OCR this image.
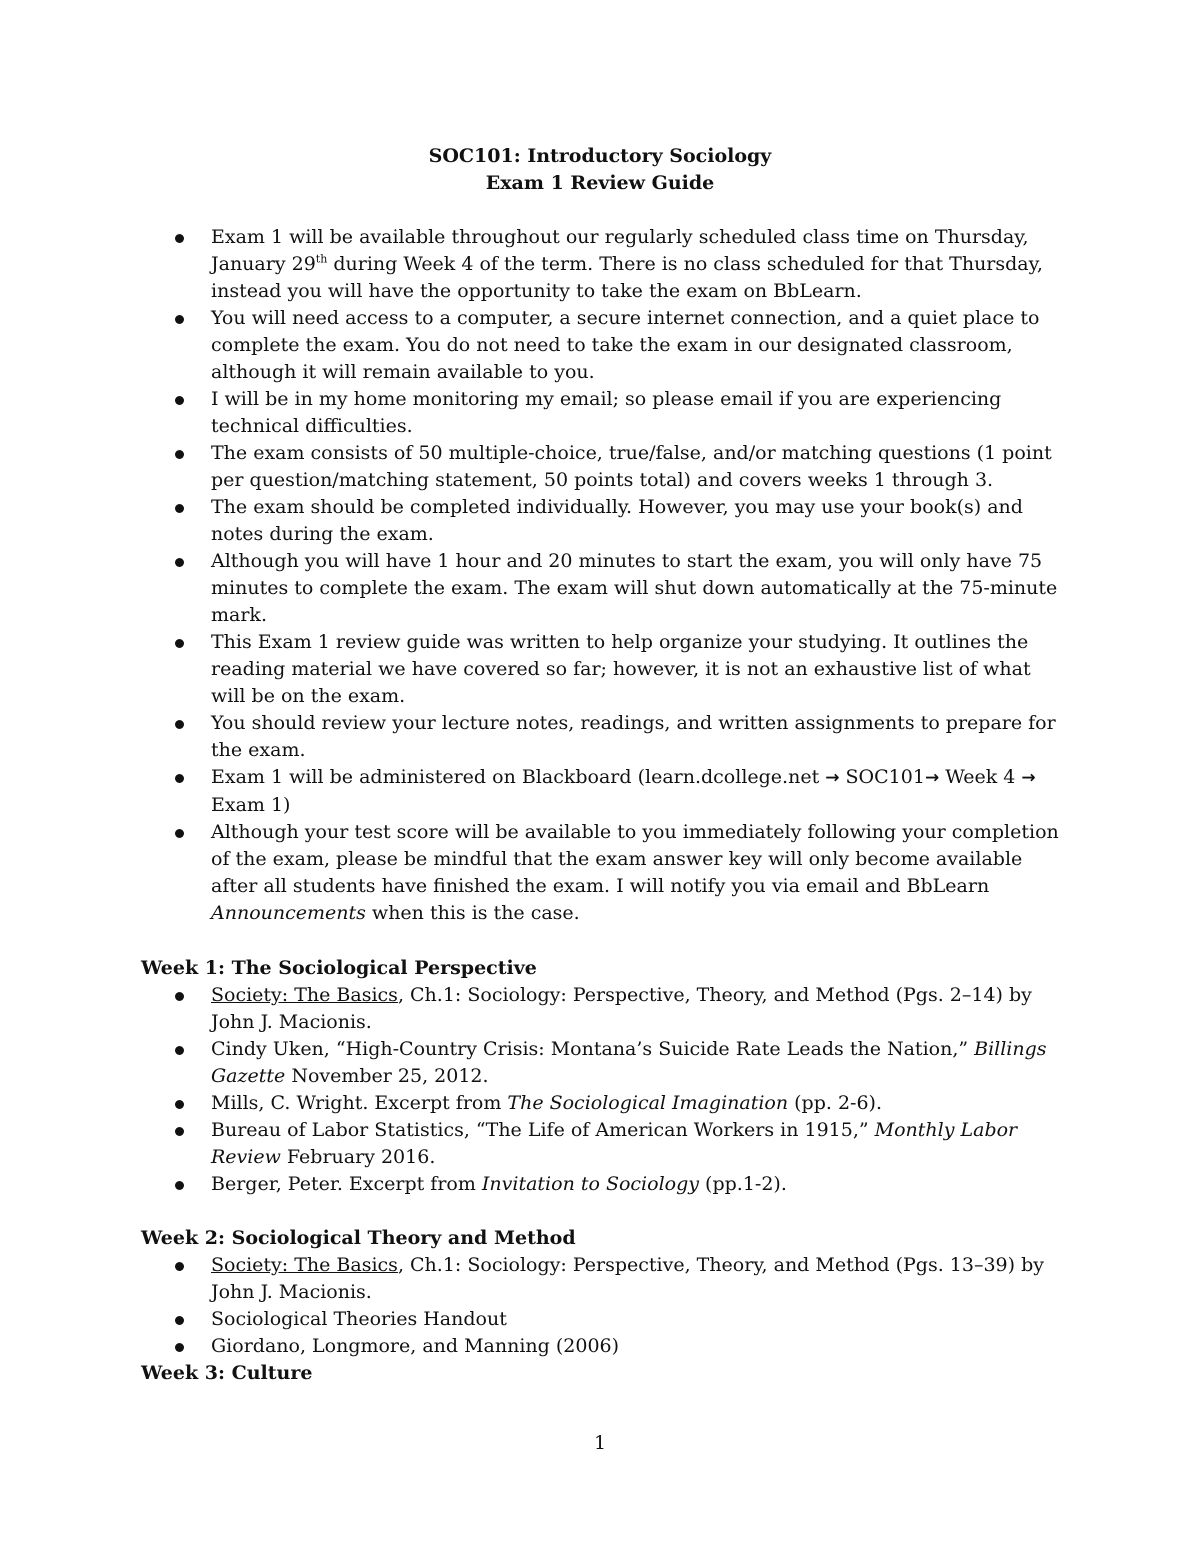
SOC101: Introductory Sociology
Exam 1 Review Guide
Exam 1 will be available throughout our regularly scheduled class time on Thursday, January 29th during Week 4 of the term. There is no class scheduled for that Thursday, instead you will have the opportunity to take the exam on BbLearn.
You will need access to a computer, a secure internet connection, and a quiet place to complete the exam. You do not need to take the exam in our designated classroom, although it will remain available to you.
I will be in my home monitoring my email; so please email if you are experiencing technical difficulties.
The exam consists of 50 multiple-choice, true/false, and/or matching questions (1 point per question/matching statement, 50 points total) and covers weeks 1 through 3.
The exam should be completed individually. However, you may use your book(s) and notes during the exam.
Although you will have 1 hour and 20 minutes to start the exam, you will only have 75 minutes to complete the exam. The exam will shut down automatically at the 75-minute mark.
This Exam 1 review guide was written to help organize your studying. It outlines the reading material we have covered so far; however, it is not an exhaustive list of what will be on the exam.
You should review your lecture notes, readings, and written assignments to prepare for the exam.
Exam 1 will be administered on Blackboard (learn.dcollege.net → SOC101→ Week 4 → Exam 1)
Although your test score will be available to you immediately following your completion of the exam, please be mindful that the exam answer key will only become available after all students have finished the exam. I will notify you via email and BbLearn Announcements when this is the case.
Week 1: The Sociological Perspective
Society: The Basics, Ch.1: Sociology: Perspective, Theory, and Method (Pgs. 2–14) by John J. Macionis.
Cindy Uken, “High-Country Crisis: Montana’s Suicide Rate Leads the Nation,” Billings Gazette November 25, 2012.
Mills, C. Wright. Excerpt from The Sociological Imagination (pp. 2-6).
Bureau of Labor Statistics, “The Life of American Workers in 1915,” Monthly Labor Review February 2016.
Berger, Peter. Excerpt from Invitation to Sociology (pp.1-2).
Week 2: Sociological Theory and Method
Society: The Basics, Ch.1: Sociology: Perspective, Theory, and Method (Pgs. 13–39) by John J. Macionis.
Sociological Theories Handout
Giordano, Longmore, and Manning (2006)
Week 3: Culture
1
